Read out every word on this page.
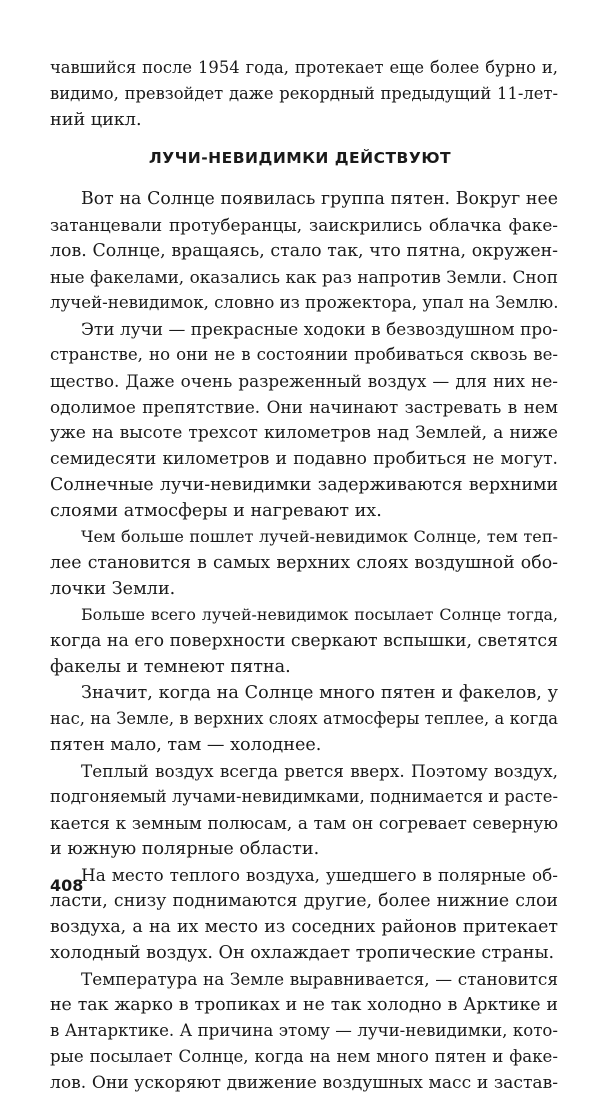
чавшийся после 1954 года, протекает еще более бурно и,
видимо, превзойдет даже рекордный предыдущий 11-лет-
ний цикл.
ЛУЧИ-НЕВИДИМКИ ДЕЙСТВУЮТ
Вот на Солнце появилась группа пятен. Вокруг нее
затанцевали протуберанцы, заискрились облачка факе-
лов. Солнце, вращаясь, стало так, что пятна, окружен-
ные факелами, оказались как раз напротив Земли. Сноп
лучей-невидимок, словно из прожектора, упал на Землю.
Эти лучи — прекрасные ходоки в безвоздушном про-
странстве, но они не в состоянии пробиваться сквозь ве-
щество. Даже очень разреженный воздух — для них не-
одолимое препятствие. Они начинают застревать в нем
уже на высоте трехсот километров над Землей, а ниже
семидесяти километров и подавно пробиться не могут.
Солнечные лучи-невидимки задерживаются верхними
слоями атмосферы и нагревают их.
Чем больше пошлет лучей-невидимок Солнце, тем теп-
лее становится в самых верхних слоях воздушной обо-
лочки Земли.
Больше всего лучей-невидимок посылает Солнце тогда,
когда на его поверхности сверкают вспышки, светятся
факелы и темнеют пятна.
Значит, когда на Солнце много пятен и факелов, у
нас, на Земле, в верхних слоях атмосферы теплее, а когда
пятен мало, там — холоднее.
Теплый воздух всегда рвется вверх. Поэтому воздух,
подгоняемый лучами-невидимками, поднимается и расте-
кается к земным полюсам, а там он согревает северную
и южную полярные области.
На место теплого воздуха, ушедшего в полярные об-
ласти, снизу поднимаются другие, более нижние слои
воздуха, а на их место из соседних районов притекает
холодный воздух. Он охлаждает тропические страны.
Температура на Земле выравнивается, — становится
не так жарко в тропиках и не так холодно в Арктике и
в Антарктике. А причина этому — лучи-невидимки, кото-
рые посылает Солнце, когда на нем много пятен и факе-
лов. Они ускоряют движение воздушных масс и застав-
408
